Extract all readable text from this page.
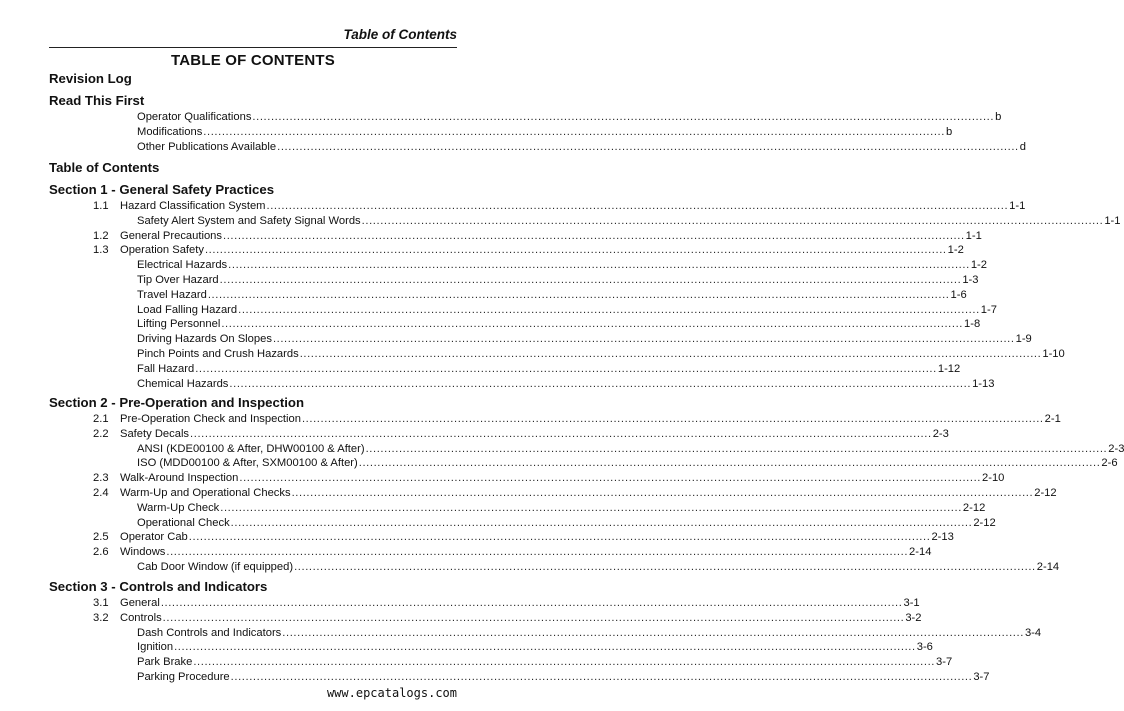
Table of Contents
TABLE OF CONTENTS
Revision Log
Read This First
Operator Qualifications ........................................................................................................................................................................................................ b
Modifications ........................................................................................................................................................................................................ b
Other Publications Available ........................................................................................................................................................................................................ d
Table of Contents
Section 1 - General Safety Practices
1.1 Hazard Classification System ........................................................................................................................................................................................................ 1-1
Safety Alert System and Safety Signal Words ........................................................................................................................................................................................................ 1-1
1.2 General Precautions ........................................................................................................................................................................................................ 1-1
1.3 Operation Safety ........................................................................................................................................................................................................ 1-2
Electrical Hazards ........................................................................................................................................................................................................ 1-2
Tip Over Hazard ........................................................................................................................................................................................................ 1-3
Travel Hazard ........................................................................................................................................................................................................ 1-6
Load Falling Hazard ........................................................................................................................................................................................................ 1-7
Lifting Personnel ........................................................................................................................................................................................................ 1-8
Driving Hazards On Slopes ........................................................................................................................................................................................................ 1-9
Pinch Points and Crush Hazards ........................................................................................................................................................................................................ 1-10
Fall Hazard ........................................................................................................................................................................................................ 1-12
Chemical Hazards ........................................................................................................................................................................................................ 1-13
Section 2 - Pre-Operation and Inspection
2.1 Pre-Operation Check and Inspection ........................................................................................................................................................................................................ 2-1
2.2 Safety Decals ........................................................................................................................................................................................................ 2-3
ANSI (KDE00100 & After, DHW00100 & After) ........................................................................................................................................................................................................ 2-3
ISO (MDD00100 & After, SXM00100 & After) ........................................................................................................................................................................................................ 2-6
2.3 Walk-Around Inspection ........................................................................................................................................................................................................ 2-10
2.4 Warm-Up and Operational Checks ........................................................................................................................................................................................................ 2-12
Warm-Up Check ........................................................................................................................................................................................................ 2-12
Operational Check ........................................................................................................................................................................................................ 2-12
2.5 Operator Cab ........................................................................................................................................................................................................ 2-13
2.6 Windows ........................................................................................................................................................................................................ 2-14
Cab Door Window (if equipped) ........................................................................................................................................................................................................ 2-14
Section 3 - Controls and Indicators
3.1 General ........................................................................................................................................................................................................ 3-1
3.2 Controls ........................................................................................................................................................................................................ 3-2
Dash Controls and Indicators ........................................................................................................................................................................................................ 3-4
Ignition ........................................................................................................................................................................................................ 3-6
Park Brake ........................................................................................................................................................................................................ 3-7
Parking Procedure ........................................................................................................................................................................................................ 3-7
www.epcatalogs.com
